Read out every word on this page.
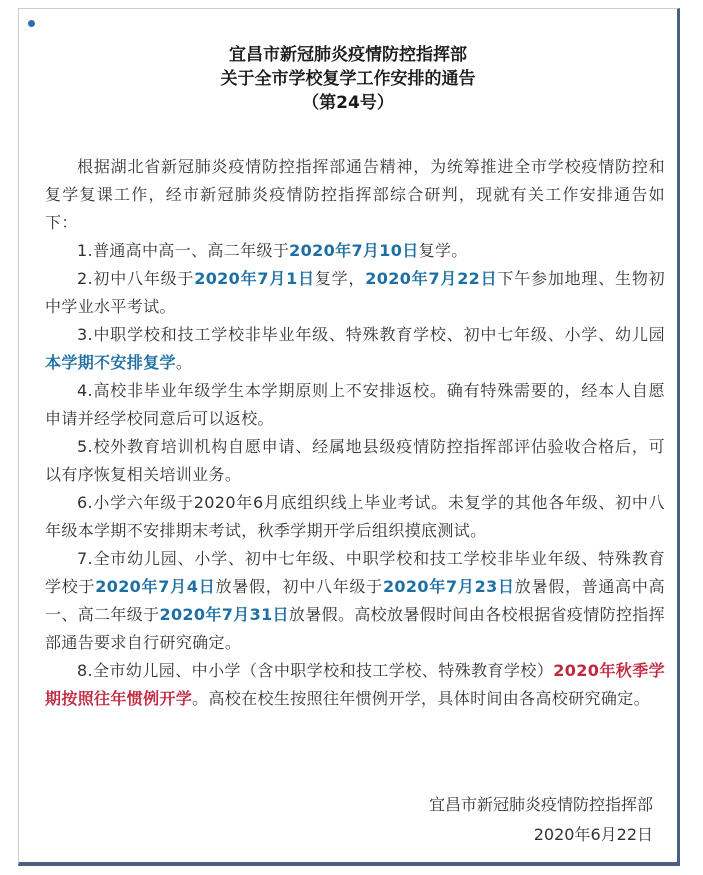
宜昌市新冠肺炎疫情防控指挥部
关于全市学校复学工作安排的通告
（第24号）

根据湖北省新冠肺炎疫情防控指挥部通告精神，为统筹推进全市学校疫情防控和复学复课工作，经市新冠肺炎疫情防控指挥部综合研判，现就有关工作安排通告如下：

1.普通高中高一、高二年级于2020年7月10日复学。

2.初中八年级于2020年7月1日复学，2020年7月22日下午参加地理、生物初中学业水平考试。

3.中职学校和技工学校非毕业年级、特殊教育学校、初中七年级、小学、幼儿园本学期不安排复学。

4.高校非毕业年级学生本学期原则上不安排返校。确有特殊需要的，经本人自愿申请并经学校同意后可以返校。

5.校外教育培训机构自愿申请、经属地县级疫情防控指挥部评估验收合格后，可以有序恢复相关培训业务。

6.小学六年级于2020年6月底组织线上毕业考试。未复学的其他各年级、初中八年级本学期不安排期末考试，秋季学期开学后组织摸底测试。

7.全市幼儿园、小学、初中七年级、中职学校和技工学校非毕业年级、特殊教育学校于2020年7月4日放暑假，初中八年级于2020年7月23日放暑假，普通高中高一、高二年级于2020年7月31日放暑假。高校放暑假时间由各校根据省疫情防控指挥部通告要求自行研究确定。

8.全市幼儿园、中小学（含中职学校和技工学校、特殊教育学校）2020年秋季学期按照往年惯例开学。高校在校生按照往年惯例开学，具体时间由各高校研究确定。

宜昌市新冠肺炎疫情防控指挥部
2020年6月22日
